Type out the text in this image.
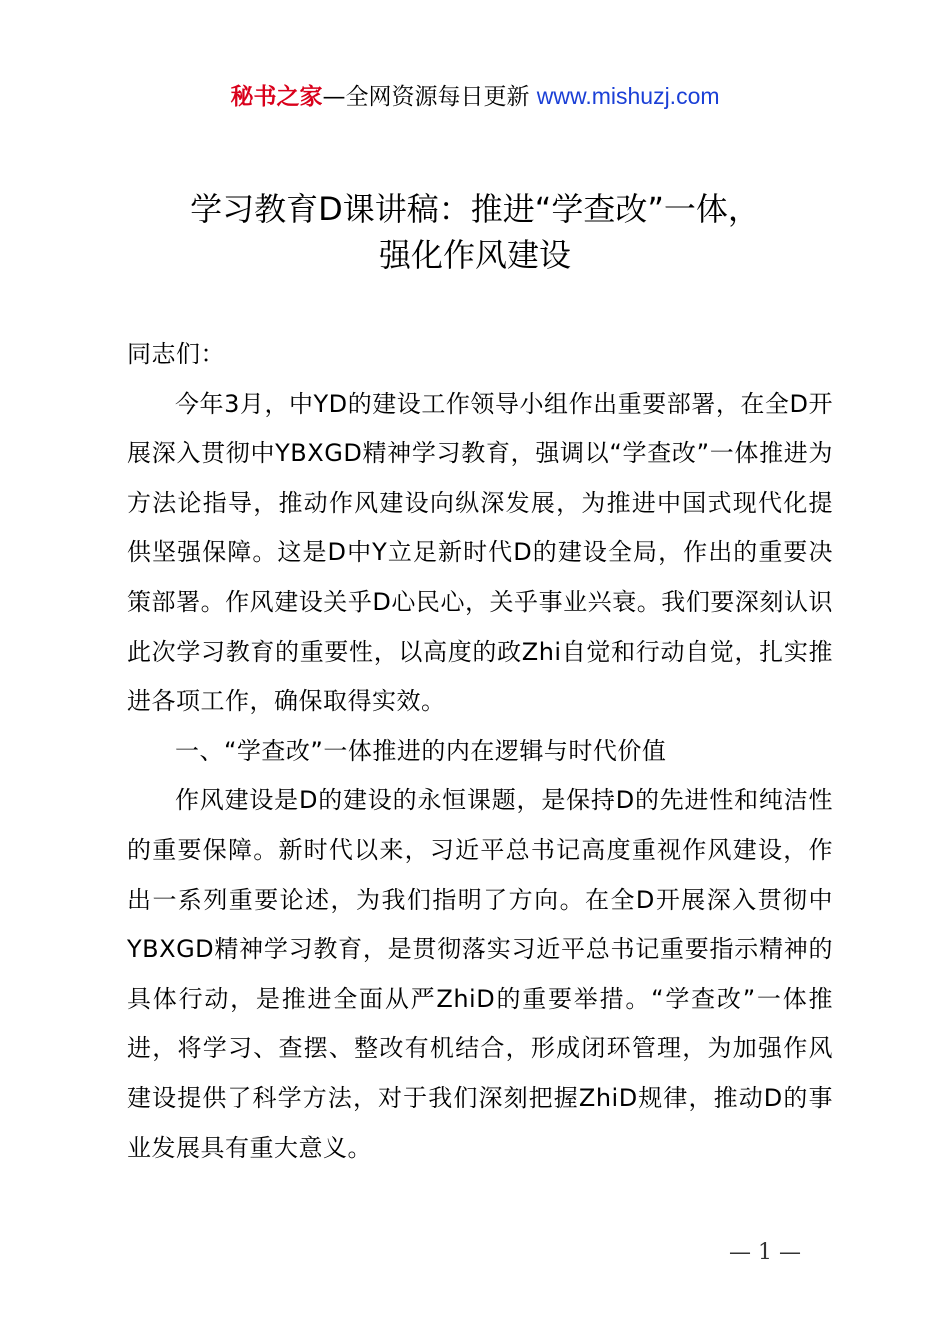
秘书之家—全网资源每日更新 www.mishuzj.com
学习教育D课讲稿：推进“学查改”一体，
强化作风建设

同志们：

今年3月，中YD的建设工作领导小组作出重要部署，在全D开展深入贯彻中YBXGD精神学习教育，强调以“学查改”一体推进为方法论指导，推动作风建设向纵深发展，为推进中国式现代化提供坚强保障。这是D中Y立足新时代D的建设全局，作出的重要决策部署。作风建设关乎D心民心，关乎事业兴衰。我们要深刻认识此次学习教育的重要性，以高度的政Zhi自觉和行动自觉，扎实推进各项工作，确保取得实效。

一、“学查改”一体推进的内在逻辑与时代价值

作风建设是D的建设的永恒课题，是保持D的先进性和纯洁性的重要保障。新时代以来，习近平总书记高度重视作风建设，作出一系列重要论述，为我们指明了方向。在全D开展深入贯彻中YBXGD精神学习教育，是贯彻落实习近平总书记重要指示精神的具体行动，是推进全面从严ZhiD的重要举措。“学查改”一体推进，将学习、查摆、整改有机结合，形成闭环管理，为加强作风建设提供了科学方法，对于我们深刻把握ZhiD规律，推动D的事业发展具有重大意义。

— 1 —
